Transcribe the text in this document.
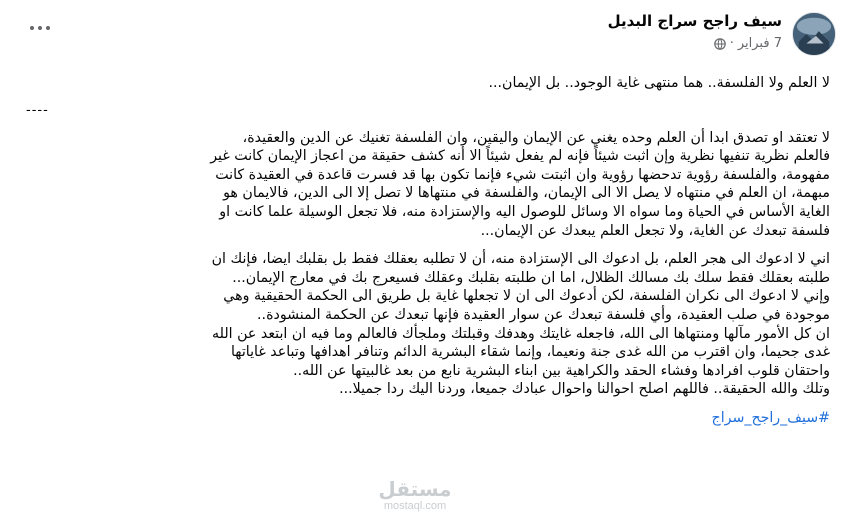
سيف راجح سراج البديل
7 فبراير
·
لا العلم ولا الفلسفة.. هما منتهى غاية الوجود.. بل الإيمان...
----
لا تعتقد او تصدق ابدا أن العلم وحده يغني عن الإيمان واليقين، وان الفلسفة تغنيك عن الدين والعقيدة،
فالعلم نظرية تنفيها نظرية وإن اثبت شيئاً فإنه لم يفعل شيئاً الا أنه كشف حقيقة من اعجاز الإيمان كانت غير
مفهومة، والفلسفة رؤوية تدحضها رؤوية وان اثبتت شيء فإنما تكون بها قد فسرت قاعدة في العقيدة كانت
مبهمة، ان العلم في منتهاه لا يصل الا الى الإيمان، والفلسفة في منتهاها لا تصل إلا الى الدين، فالايمان هو
الغاية الأساس في الحياة وما سواه الا وسائل للوصول اليه والإستزادة منه، فلا تجعل الوسيلة علما كانت او
فلسفة تبعدك عن الغاية، ولا تجعل العلم يبعدك عن الإيمان...
اني لا ادعوك الى هجر العلم، بل ادعوك الى الإستزادة منه، أن لا تطلبه بعقلك فقط بل بقلبك ايضا، فإنك ان
طلبته بعقلك فقط سلك بك مسالك الظلال، اما ان طلبته بقلبك وعقلك فسيعرج بك في معارج الإيمان...
وإني لا ادعوك الى نكران الفلسفة، لكن أدعوك الى ان لا تجعلها غاية بل طريق الى الحكمة الحقيقية وهي
موجودة في صلب العقيدة، وأي فلسفة تبعدك عن سوار العقيدة فإنها تبعدك عن الحكمة المنشودة..
ان كل الأمور مآلها ومنتهاها الى الله، فاجعله غايتك وهدفك وقبلتك وملجأك فالعالم وما فيه ان ابتعد عن الله
غدى جحيما، وان اقترب من الله غدى جنة ونعيما، وإنما شقاء البشرية الدائم وتنافر اهدافها وتباعد غاياتها
واحتقان قلوب افرادها وفشاء الحقد والكراهية بين ابناء البشرية نابع من بعد غالبيتها عن الله..
وتلك والله الحقيقة.. فاللهم اصلح احوالنا واحوال عبادك جميعا، وردنا اليك ردا جميلا...
#سيف_راجح_سراج
مستقل
mostaql.com
